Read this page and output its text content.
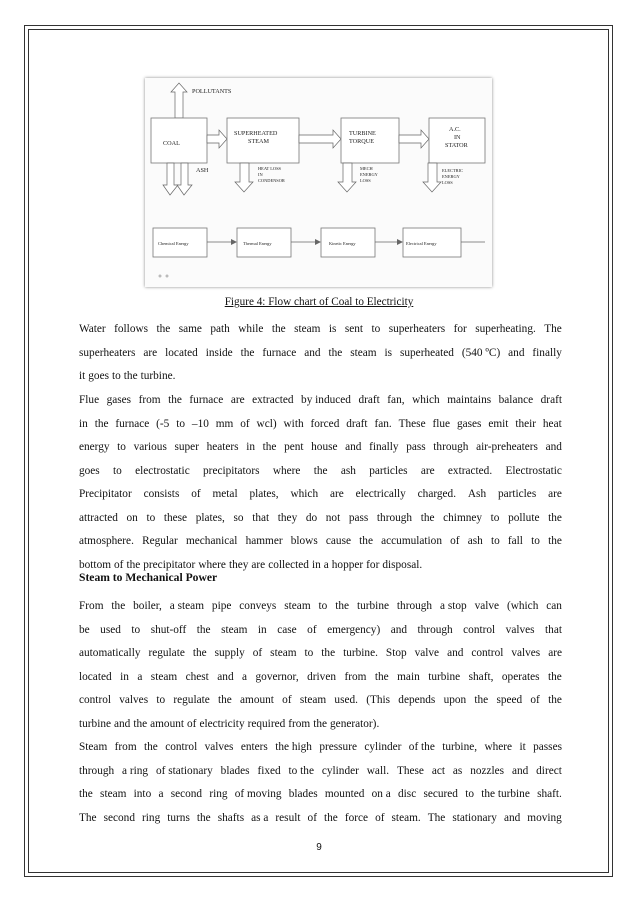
POLLUTANTS
COAL
SUPERHEATED
STEAM
TURBINE
TORQUE
A.C.
IN
STATOR
ASH	HEAT LOSS
IN
CONDENSOR
MECH
ENERGY
LOSS
ELECTRIC
ENERGY
LOSS
Chemical Energy	Thermal Energy	Kinetic Energy	Electrical Energy
Figure 4: Flow chart of Coal to Electricity
Water follows the same path while the steam is sent to superheaters for superheating. The
superheaters are located inside the furnace and the steam is superheated (540 ºC) and finally
it goes to the turbine.
Flue gases from the furnace are extracted by induced draft fan, which maintains balance draft
in the furnace (-5 to –10 mm of wcl) with forced draft fan. These flue gases emit their heat
energy to various super heaters in the pent house and finally pass through air-preheaters and
goes to electrostatic precipitators where the ash particles are extracted. Electrostatic
Precipitator consists of metal plates, which are electrically charged. Ash particles are
attracted on to these plates, so that they do not pass through the chimney to pollute the
atmosphere. Regular mechanical hammer blows cause the accumulation of ash to fall to the
bottom of the precipitator where they are collected in a hopper for disposal.
Steam to Mechanical Power
From the boiler, a steam pipe conveys steam to the turbine through a stop valve (which can
be used to shut-off the steam in case of emergency) and through control valves that
automatically regulate the supply of steam to the turbine. Stop valve and control valves are
located in a steam chest and a governor, driven from the main turbine shaft, operates the
control valves to regulate the amount of steam used. (This depends upon the speed of the
turbine and the amount of electricity required from the generator).
Steam from the control valves enters the high pressure cylinder of the turbine, where it passes
through a ring of stationary blades fixed to the cylinder wall. These act as nozzles and direct
the steam into a second ring of moving blades mounted on a disc secured to the turbine shaft.
The second ring turns the shafts as a result of the force of steam. The stationary and moving
9
